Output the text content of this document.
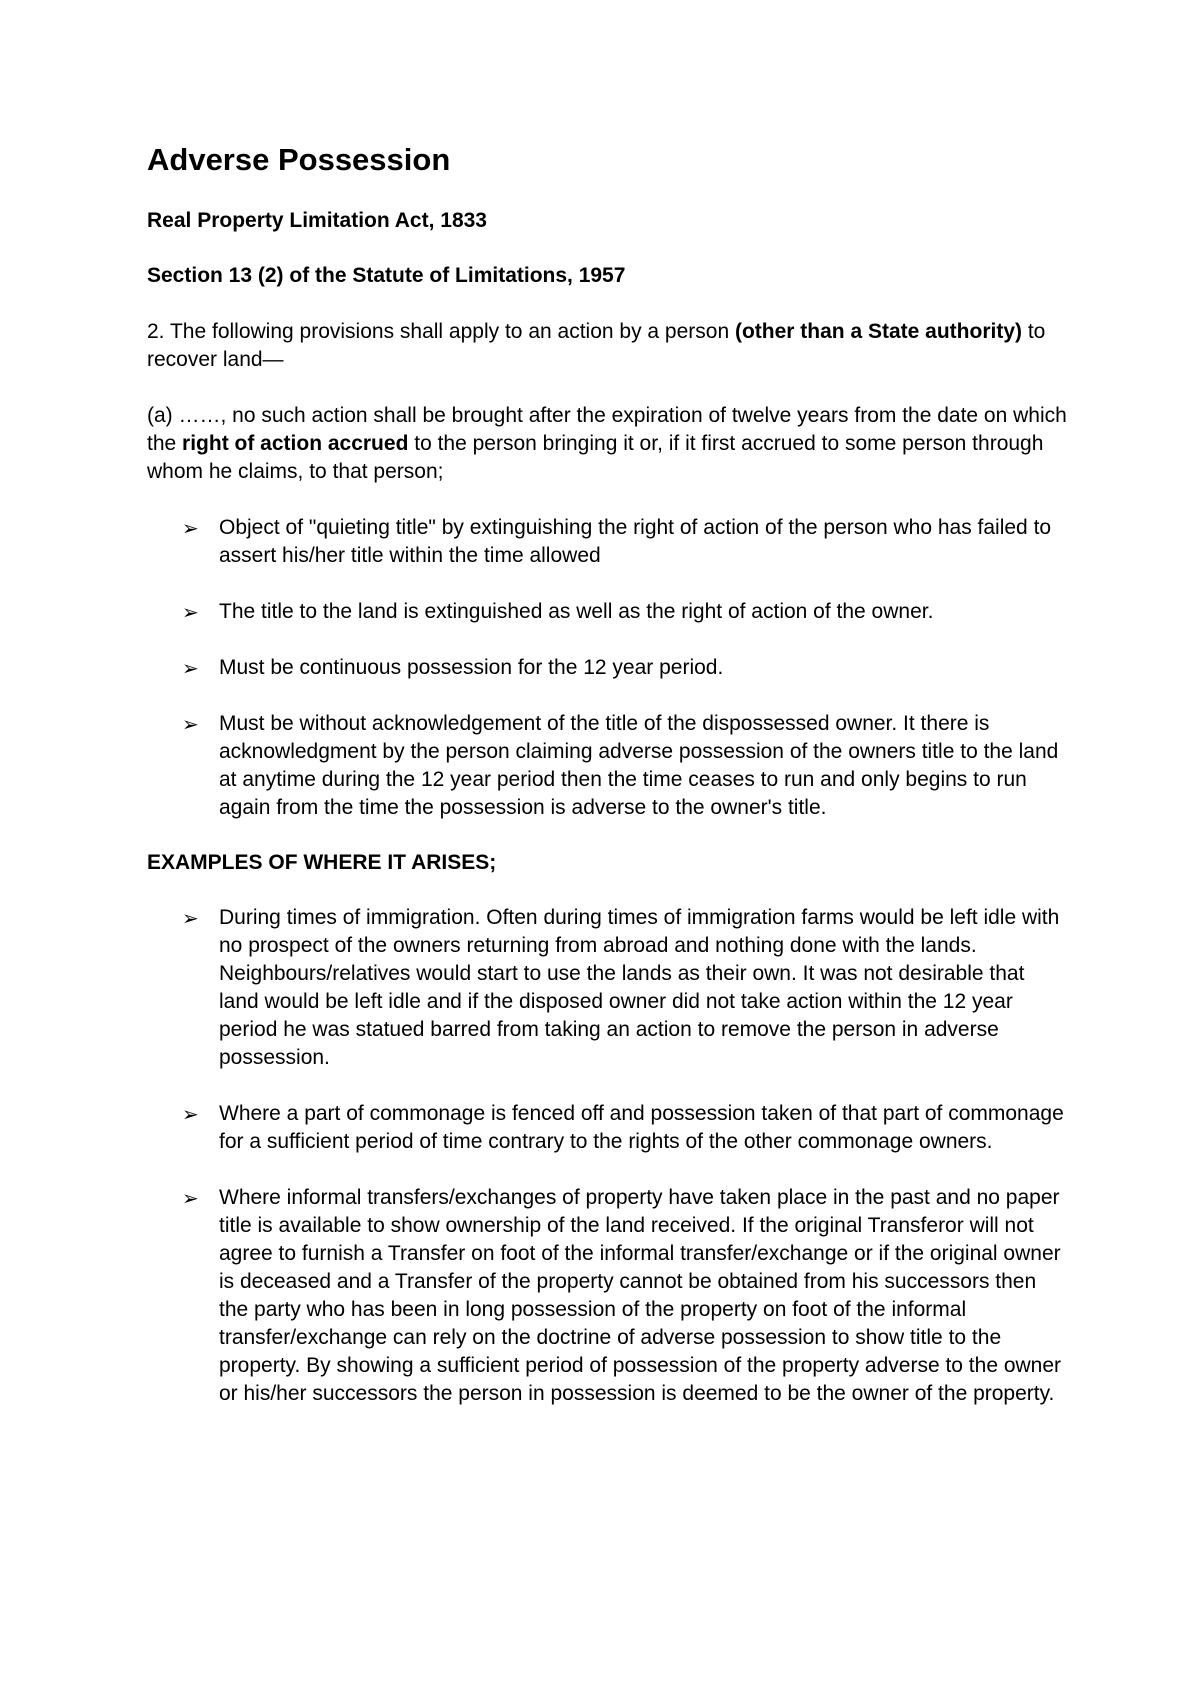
Adverse Possession
Real Property Limitation Act, 1833
Section 13 (2) of the Statute of Limitations, 1957

2. The following provisions shall apply to an action by a person (other than a State authority) to recover land—

(a) ……, no such action shall be brought after the expiration of twelve years from the date on which the right of action accrued to the person bringing it or, if it first accrued to some person through whom he claims, to that person;

➢ Object of "quieting title" by extinguishing the right of action of the person who has failed to assert his/her title within the time allowed
➢ The title to the land is extinguished as well as the right of action of the owner.
➢ Must be continuous possession for the 12 year period.
➢ Must be without acknowledgement of the title of the dispossessed owner. It there is acknowledgment by the person claiming adverse possession of the owners title to the land at anytime during the 12 year period then the time ceases to run and only begins to run again from the time the possession is adverse to the owner's title.
EXAMPLES OF WHERE IT ARISES;
➢ During times of immigration. Often during times of immigration farms would be left idle with no prospect of the owners returning from abroad and nothing done with the lands. Neighbours/relatives would start to use the lands as their own. It was not desirable that land would be left idle and if the disposed owner did not take action within the 12 year period he was statued barred from taking an action to remove the person in adverse possession.
➢ Where a part of commonage is fenced off and possession taken of that part of commonage for a sufficient period of time contrary to the rights of the other commonage owners.
➢ Where informal transfers/exchanges of property have taken place in the past and no paper title is available to show ownership of the land received. If the original Transferor will not agree to furnish a Transfer on foot of the informal transfer/exchange or if the original owner is deceased and a Transfer of the property cannot be obtained from his successors then the party who has been in long possession of the property on foot of the informal transfer/exchange can rely on the doctrine of adverse possession to show title to the property. By showing a sufficient period of possession of the property adverse to the owner or his/her successors the person in possession is deemed to be the owner of the property.
